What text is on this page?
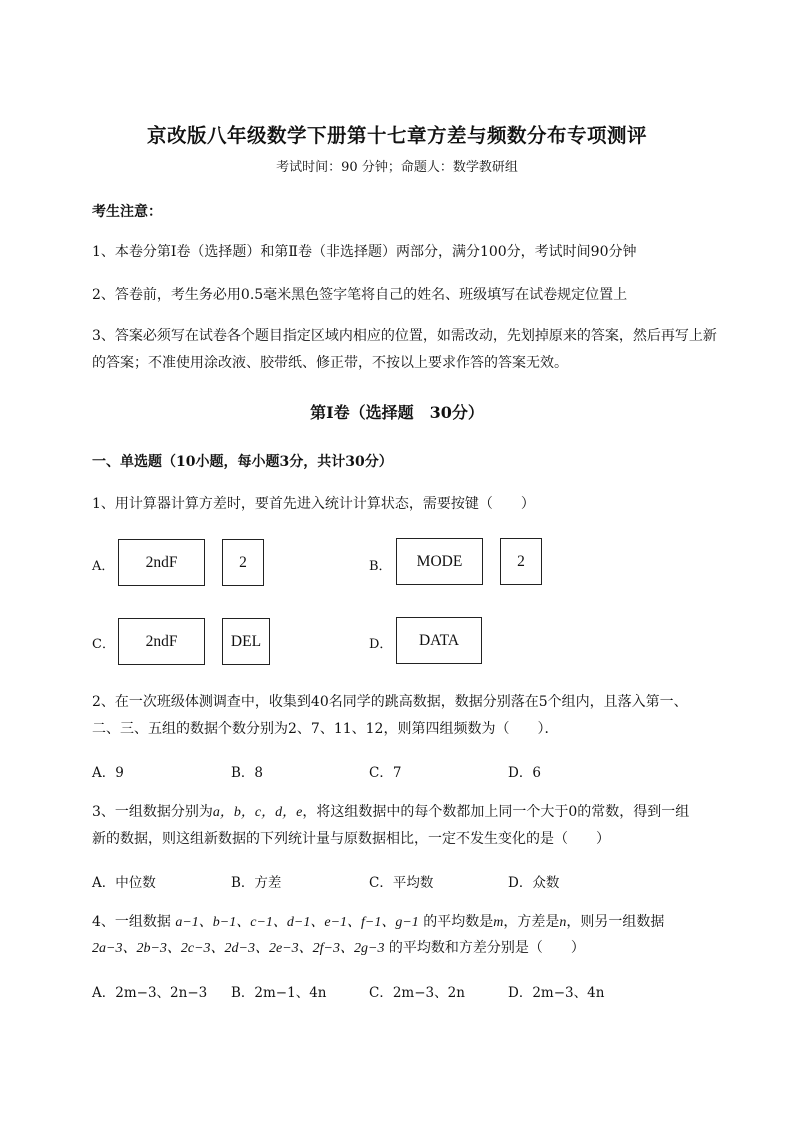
京改版八年级数学下册第十七章方差与频数分布专项测评
考试时间：90 分钟；命题人：数学教研组
考生注意：
1、本卷分第Ⅰ卷（选择题）和第Ⅱ卷（非选择题）两部分，满分100分，考试时间90分钟
2、答卷前，考生务必用0.5毫米黑色签字笔将自己的姓名、班级填写在试卷规定位置上
3、答案必须写在试卷各个题目指定区域内相应的位置，如需改动，先划掉原来的答案，然后再写上新
的答案；不准使用涂改液、胶带纸、修正带，不按以上要求作答的答案无效。
第Ⅰ卷（选择题　30分）
一、单选题（10小题，每小题3分，共计30分）
1、用计算器计算方差时，要首先进入统计计算状态，需要按键（　　）
A．	2ndF	2	B．	MODE	2
C．	2ndF	DEL	D．	DATA
2、在一次班级体测调查中，收集到40名同学的跳高数据，数据分别落在5个组内，且落入第一、
二、三、五组的数据个数分别为2、7、11、12，则第四组频数为（　　）．
A．9	B．8	C．7	D．6
3、一组数据分别为a，b，c，d，e，将这组数据中的每个数都加上同一个大于0的常数，得到一组
新的数据，则这组新数据的下列统计量与原数据相比，一定不发生变化的是（　　）
A．中位数	B．方差	C．平均数	D．众数
4、一组数据 a−1、b−1、c−1、d−1、e−1、f−1、g−1 的平均数是m，方差是n，则另一组数据
2a−3、2b−3、2c−3、2d−3、2e−3、2f−3、2g−3 的平均数和方差分别是（　　）
A．2m−3、2n−3 B．2m−1、4n	C．2m−3、2n	D．2m−3、4n
